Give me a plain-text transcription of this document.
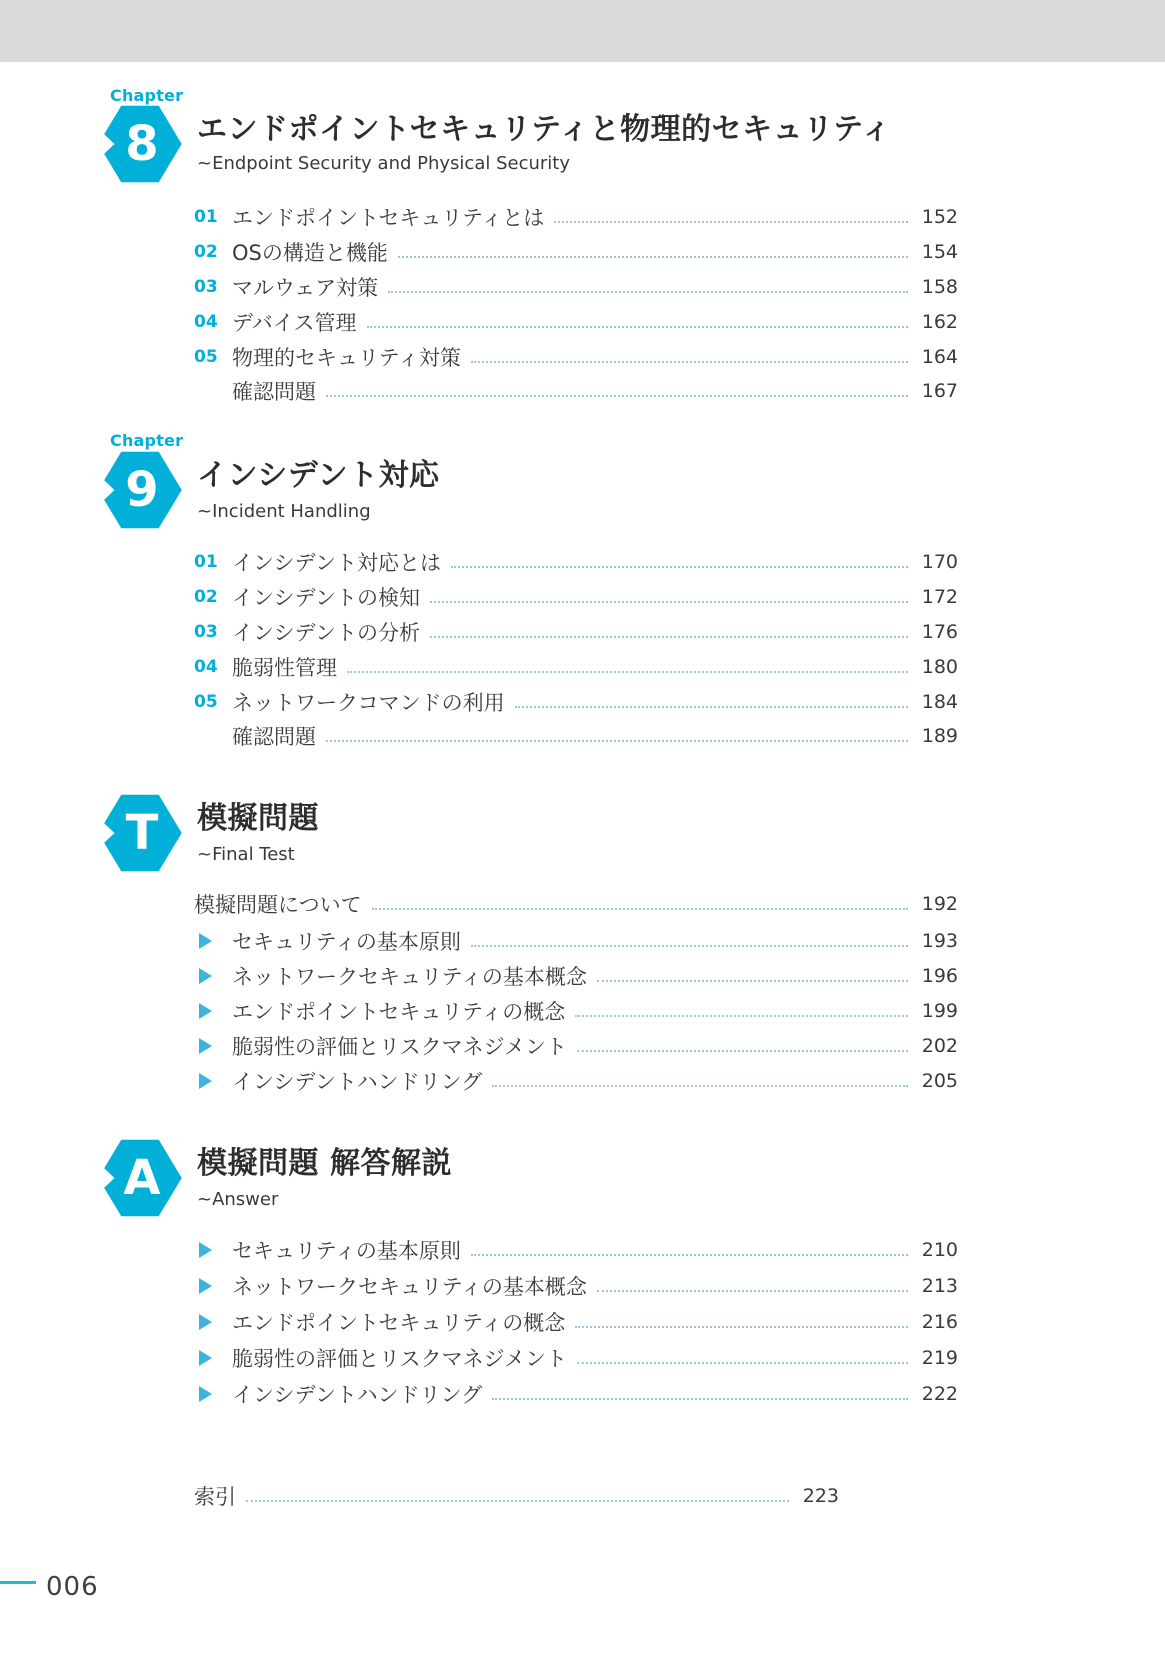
Chapter
8	エンドポイントセキュリティと物理的セキュリティ
~Endpoint Security and Physical Security
01 エンドポイントセキュリティとは	152
02 OSの構造と機能	154
03 マルウェア対策	158
04 デバイス管理	162
05 物理的セキュリティ対策	164
確認問題	167
Chapter
9	インシデント対応
~Incident Handling
01 インシデント対応とは	170
02 インシデントの検知	172
03 インシデントの分析	176
04 脆弱性管理	180
05 ネットワークコマンドの利用	184
確認問題	189
T	模擬問題
~Final Test
模擬問題について	192
セキュリティの基本原則	193
ネットワークセキュリティの基本概念	196
エンドポイントセキュリティの概念	199
脆弱性の評価とリスクマネジメント	202
インシデントハンドリング	205
A	模擬問題 解答解説
~Answer
セキュリティの基本原則	210
ネットワークセキュリティの基本概念	213
エンドポイントセキュリティの概念	216
脆弱性の評価とリスクマネジメント	219
インシデントハンドリング	222
索引	223
006
